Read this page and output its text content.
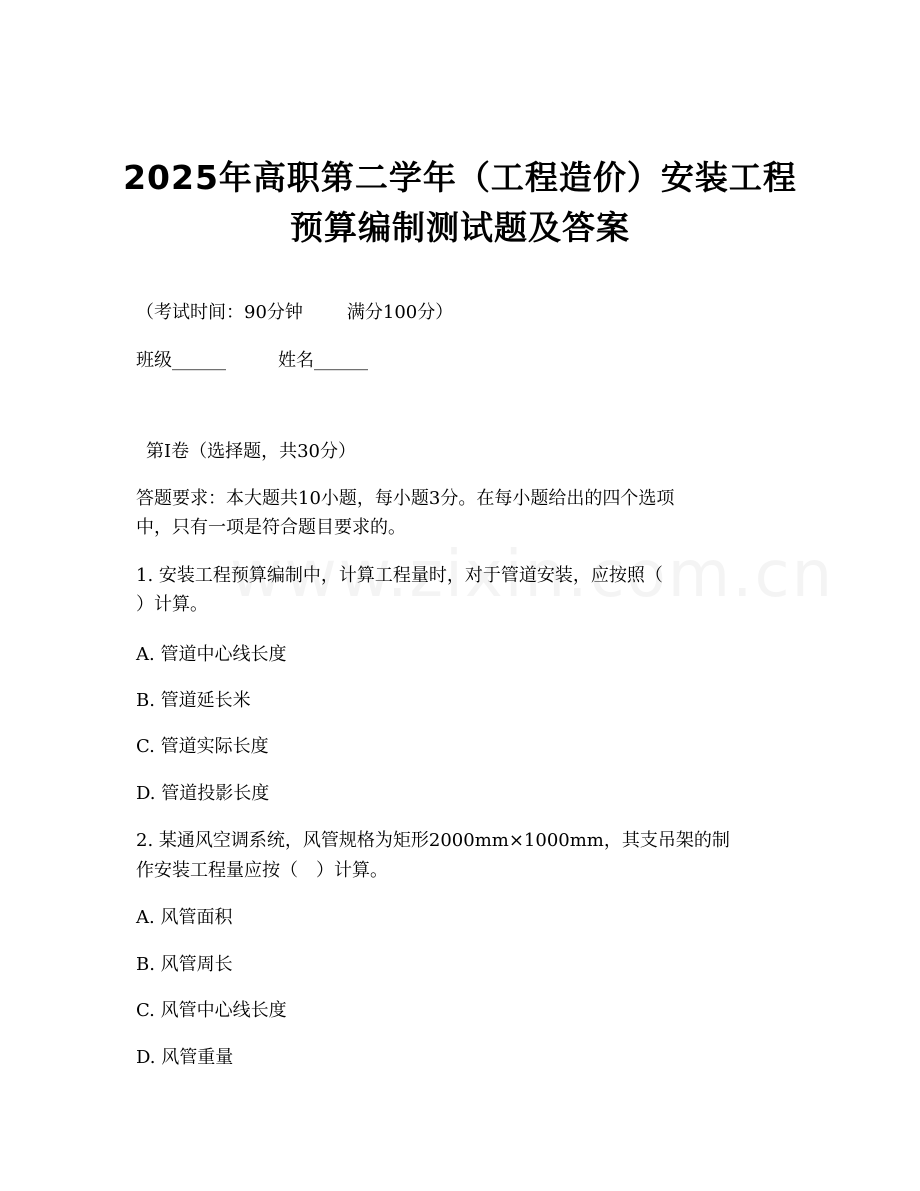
2025年高职第二学年（工程造价）安装工程
预算编制测试题及答案
（考试时间：90分钟 满分100分）
班级______	姓名______
第Ⅰ卷（选择题，共30分）
答题要求：本大题共10小题，每小题3分。在每小题给出的四个选项
中，只有一项是符合题目要求的。
1. 安装工程预算编制中，计算工程量时，对于管道安装，应按照（
）计算。
A. 管道中心线长度
B. 管道延长米
C. 管道实际长度
D. 管道投影长度
2. 某通风空调系统，风管规格为矩形2000mm×1000mm，其支吊架的制
作安装工程量应按（　）计算。
A. 风管面积
B. 风管周长
C. 风管中心线长度
D. 风管重量
